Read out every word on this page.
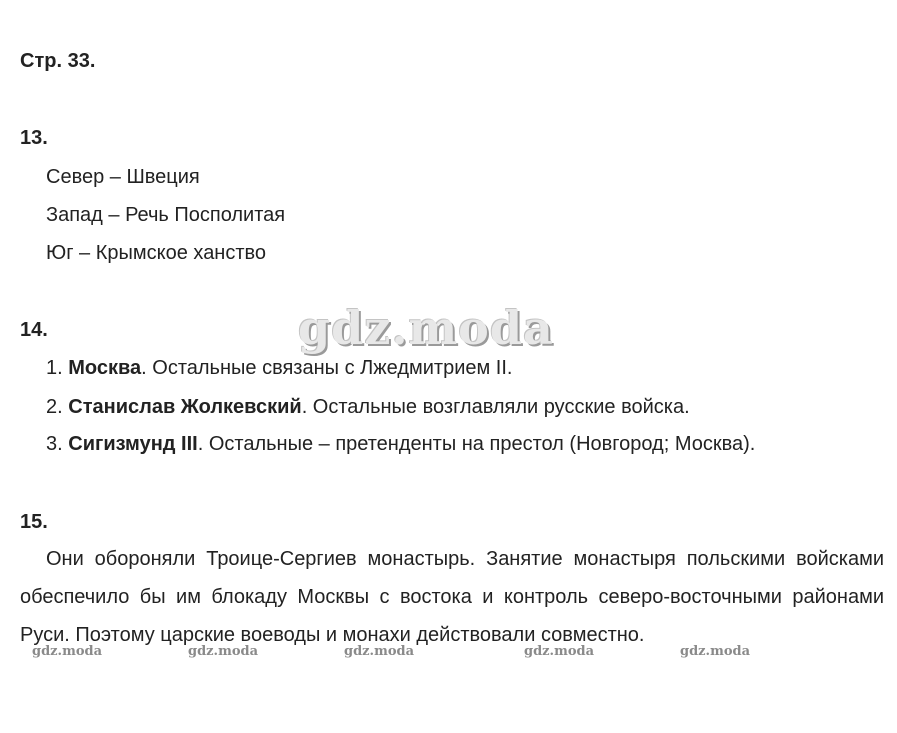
Стр. 33.
13.
Север – Швеция
Запад – Речь Посполитая
Юг – Крымское ханство
gdz.moda
14.
1. Москва. Остальные связаны с Лжедмитрием II.
2. Станислав Жолкевский. Остальные возглавляли русские войска.
3. Сигизмунд III. Остальные – претенденты на престол (Новгород; Москва).
15.
Они обороняли Троице-Сергиев монастырь. Занятие монастыря польскими войсками обеспечило бы им блокаду Москвы с востока и контроль северо-восточными районами Руси. Поэтому царские воеводы и монахи действовали совместно.
gdz.moda	gdz.moda	gdz.moda	gdz.moda	gdz.moda
